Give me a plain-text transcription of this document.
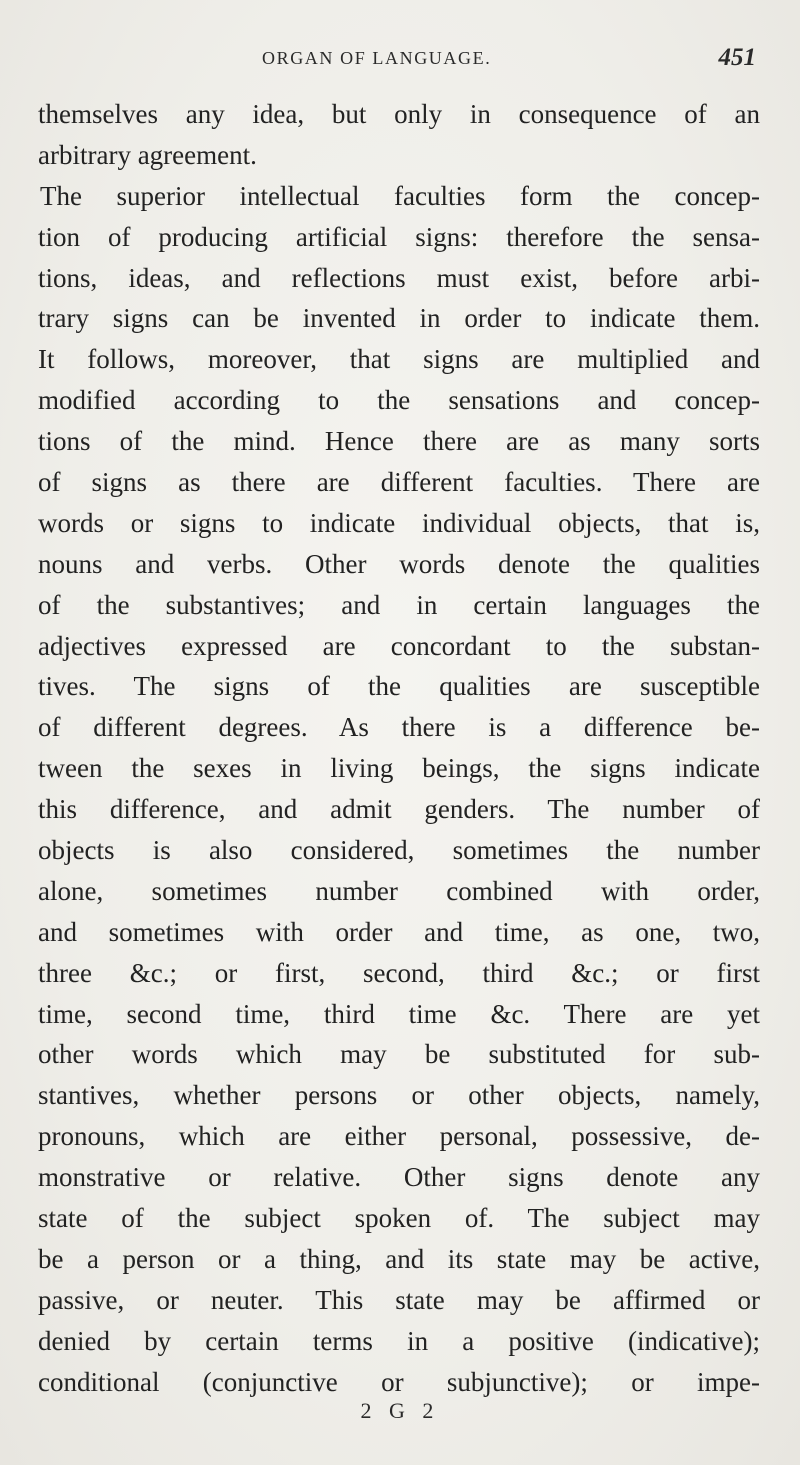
ORGAN OF LANGUAGE.	451
themselves any idea, but only in consequence of an
arbitrary agreement.
The superior intellectual faculties form the concep-
tion of producing artificial signs: therefore the sensa-
tions, ideas, and reflections must exist, before arbi-
trary signs can be invented in order to indicate them.
It follows, moreover, that signs are multiplied and
modified according to the sensations and concep-
tions of the mind. Hence there are as many sorts
of signs as there are different faculties. There are
words or signs to indicate individual objects, that is,
nouns and verbs. Other words denote the qualities
of the substantives; and in certain languages the
adjectives expressed are concordant to the substan-
tives. The signs of the qualities are susceptible
of different degrees. As there is a difference be-
tween the sexes in living beings, the signs indicate
this difference, and admit genders. The number of
objects is also considered, sometimes the number
alone, sometimes number combined with order,
and sometimes with order and time, as one, two,
three &c.; or first, second, third &c.; or first
time, second time, third time &c. There are yet
other words which may be substituted for sub-
stantives, whether persons or other objects, namely,
pronouns, which are either personal, possessive, de-
monstrative or relative. Other signs denote any
state of the subject spoken of. The subject may
be a person or a thing, and its state may be active,
passive, or neuter. This state may be affirmed or
denied by certain terms in a positive (indicative);
conditional (conjunctive or subjunctive); or impe-
2 G 2
